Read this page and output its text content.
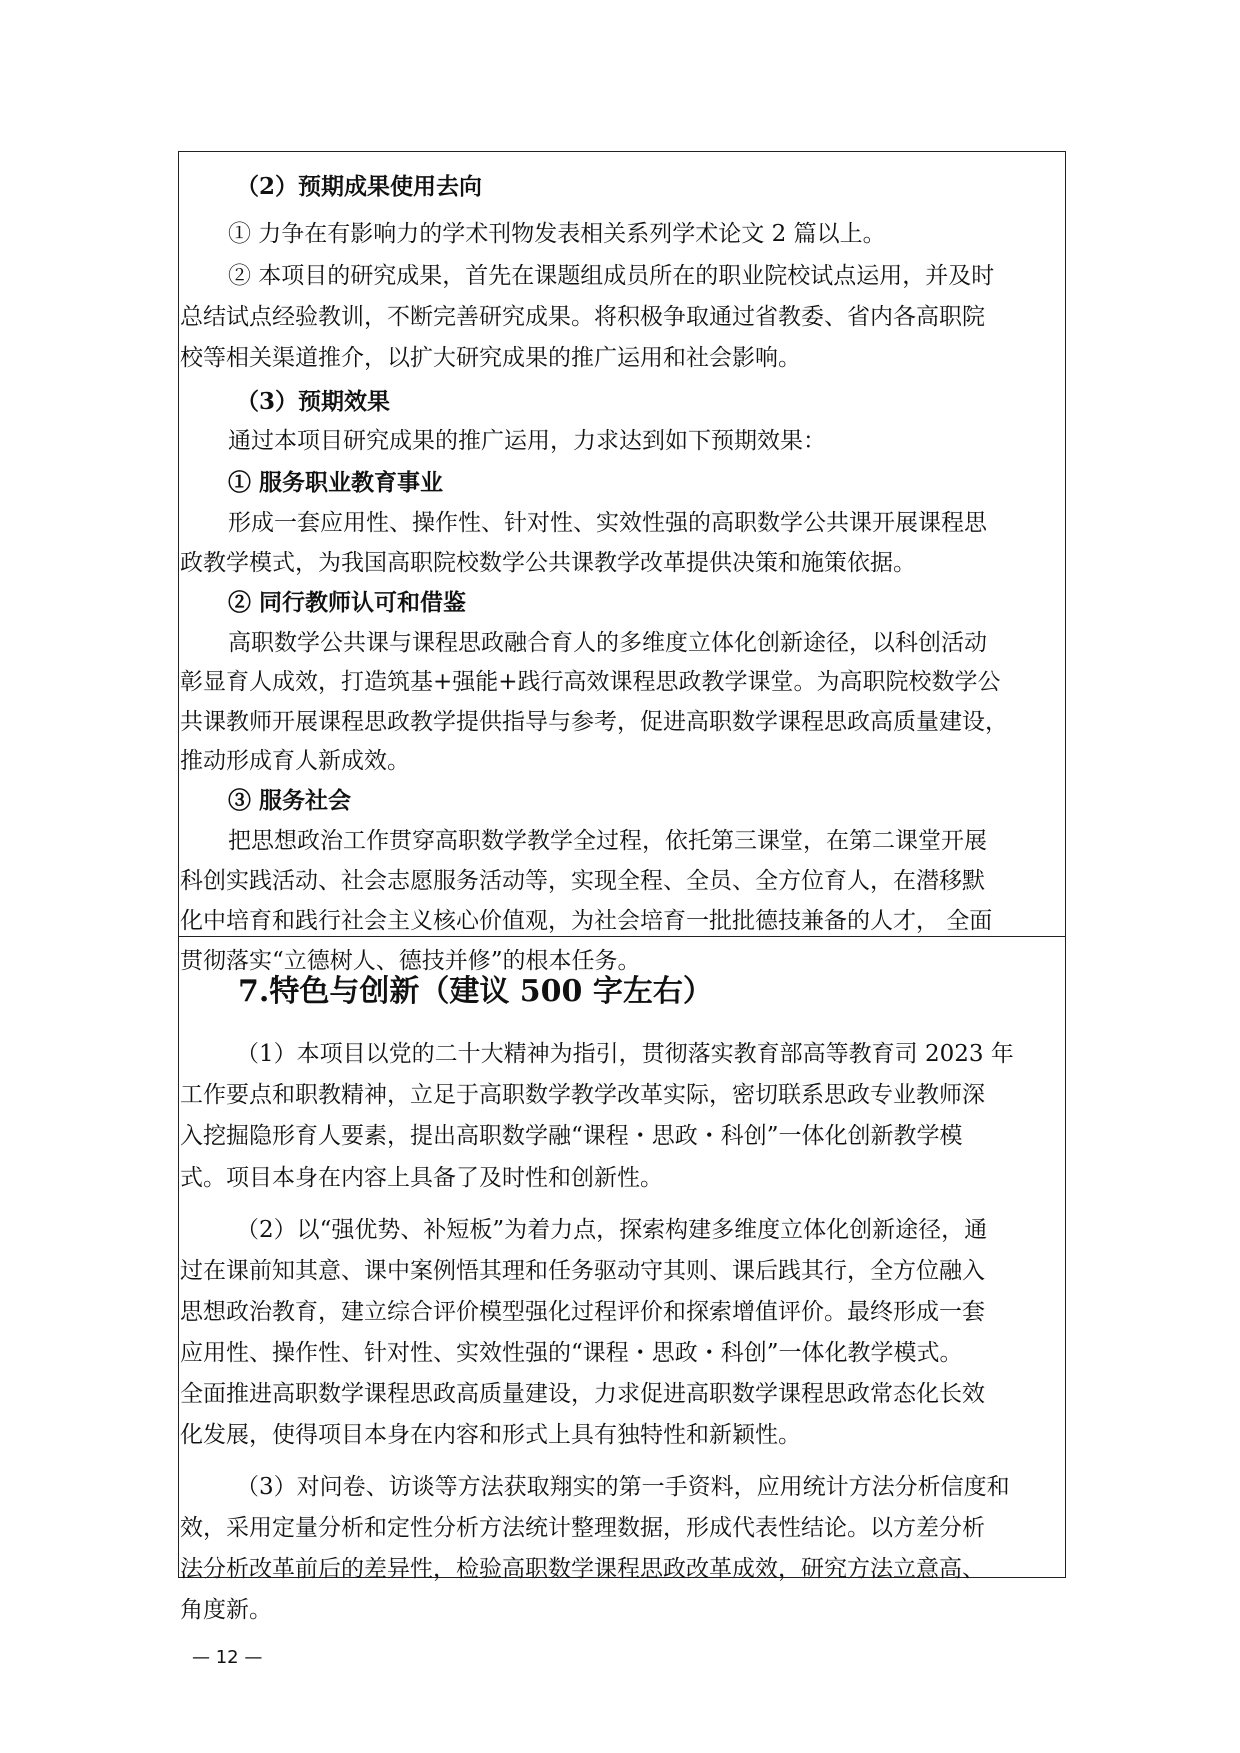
（2）预期成果使用去向

① 力争在有影响力的学术刊物发表相关系列学术论文 2 篇以上。

② 本项目的研究成果，首先在课题组成员所在的职业院校试点运用，并及时

总结试点经验教训，不断完善研究成果。将积极争取通过省教委、省内各高职院

校等相关渠道推介，以扩大研究成果的推广运用和社会影响。

（3）预期效果

通过本项目研究成果的推广运用，力求达到如下预期效果：

① 服务职业教育事业

形成一套应用性、操作性、针对性、实效性强的高职数学公共课开展课程思

政教学模式，为我国高职院校数学公共课教学改革提供决策和施策依据。

② 同行教师认可和借鉴

高职数学公共课与课程思政融合育人的多维度立体化创新途径，以科创活动

彰显育人成效，打造筑基+强能+践行高效课程思政教学课堂。为高职院校数学公

共课教师开展课程思政教学提供指导与参考，促进高职数学课程思政高质量建设，

推动形成育人新成效。

③ 服务社会

把思想政治工作贯穿高职数学教学全过程，依托第三课堂，在第二课堂开展

科创实践活动、社会志愿服务活动等，实现全程、全员、全方位育人，在潜移默

化中培育和践行社会主义核心价值观，为社会培育一批批德技兼备的人才， 全面

贯彻落实“立德树人、德技并修”的根本任务。

7.特色与创新（建议 500 字左右）

（1）本项目以党的二十大精神为指引，贯彻落实教育部高等教育司 2023 年

工作要点和职教精神，立足于高职数学教学改革实际，密切联系思政专业教师深

入挖掘隐形育人要素，提出高职数学融“课程・思政・科创”一体化创新教学模

式。项目本身在内容上具备了及时性和创新性。

（2）以“强优势、补短板”为着力点，探索构建多维度立体化创新途径，通

过在课前知其意、课中案例悟其理和任务驱动守其则、课后践其行，全方位融入

思想政治教育，建立综合评价模型强化过程评价和探索增值评价。最终形成一套

应用性、操作性、针对性、实效性强的“课程・思政・科创”一体化教学模式。

全面推进高职数学课程思政高质量建设，力求促进高职数学课程思政常态化长效

化发展，使得项目本身在内容和形式上具有独特性和新颖性。

（3）对问卷、访谈等方法获取翔实的第一手资料，应用统计方法分析信度和

效，采用定量分析和定性分析方法统计整理数据，形成代表性结论。以方差分析

法分析改革前后的差异性，检验高职数学课程思政改革成效，研究方法立意高、

角度新。

— 12 —
